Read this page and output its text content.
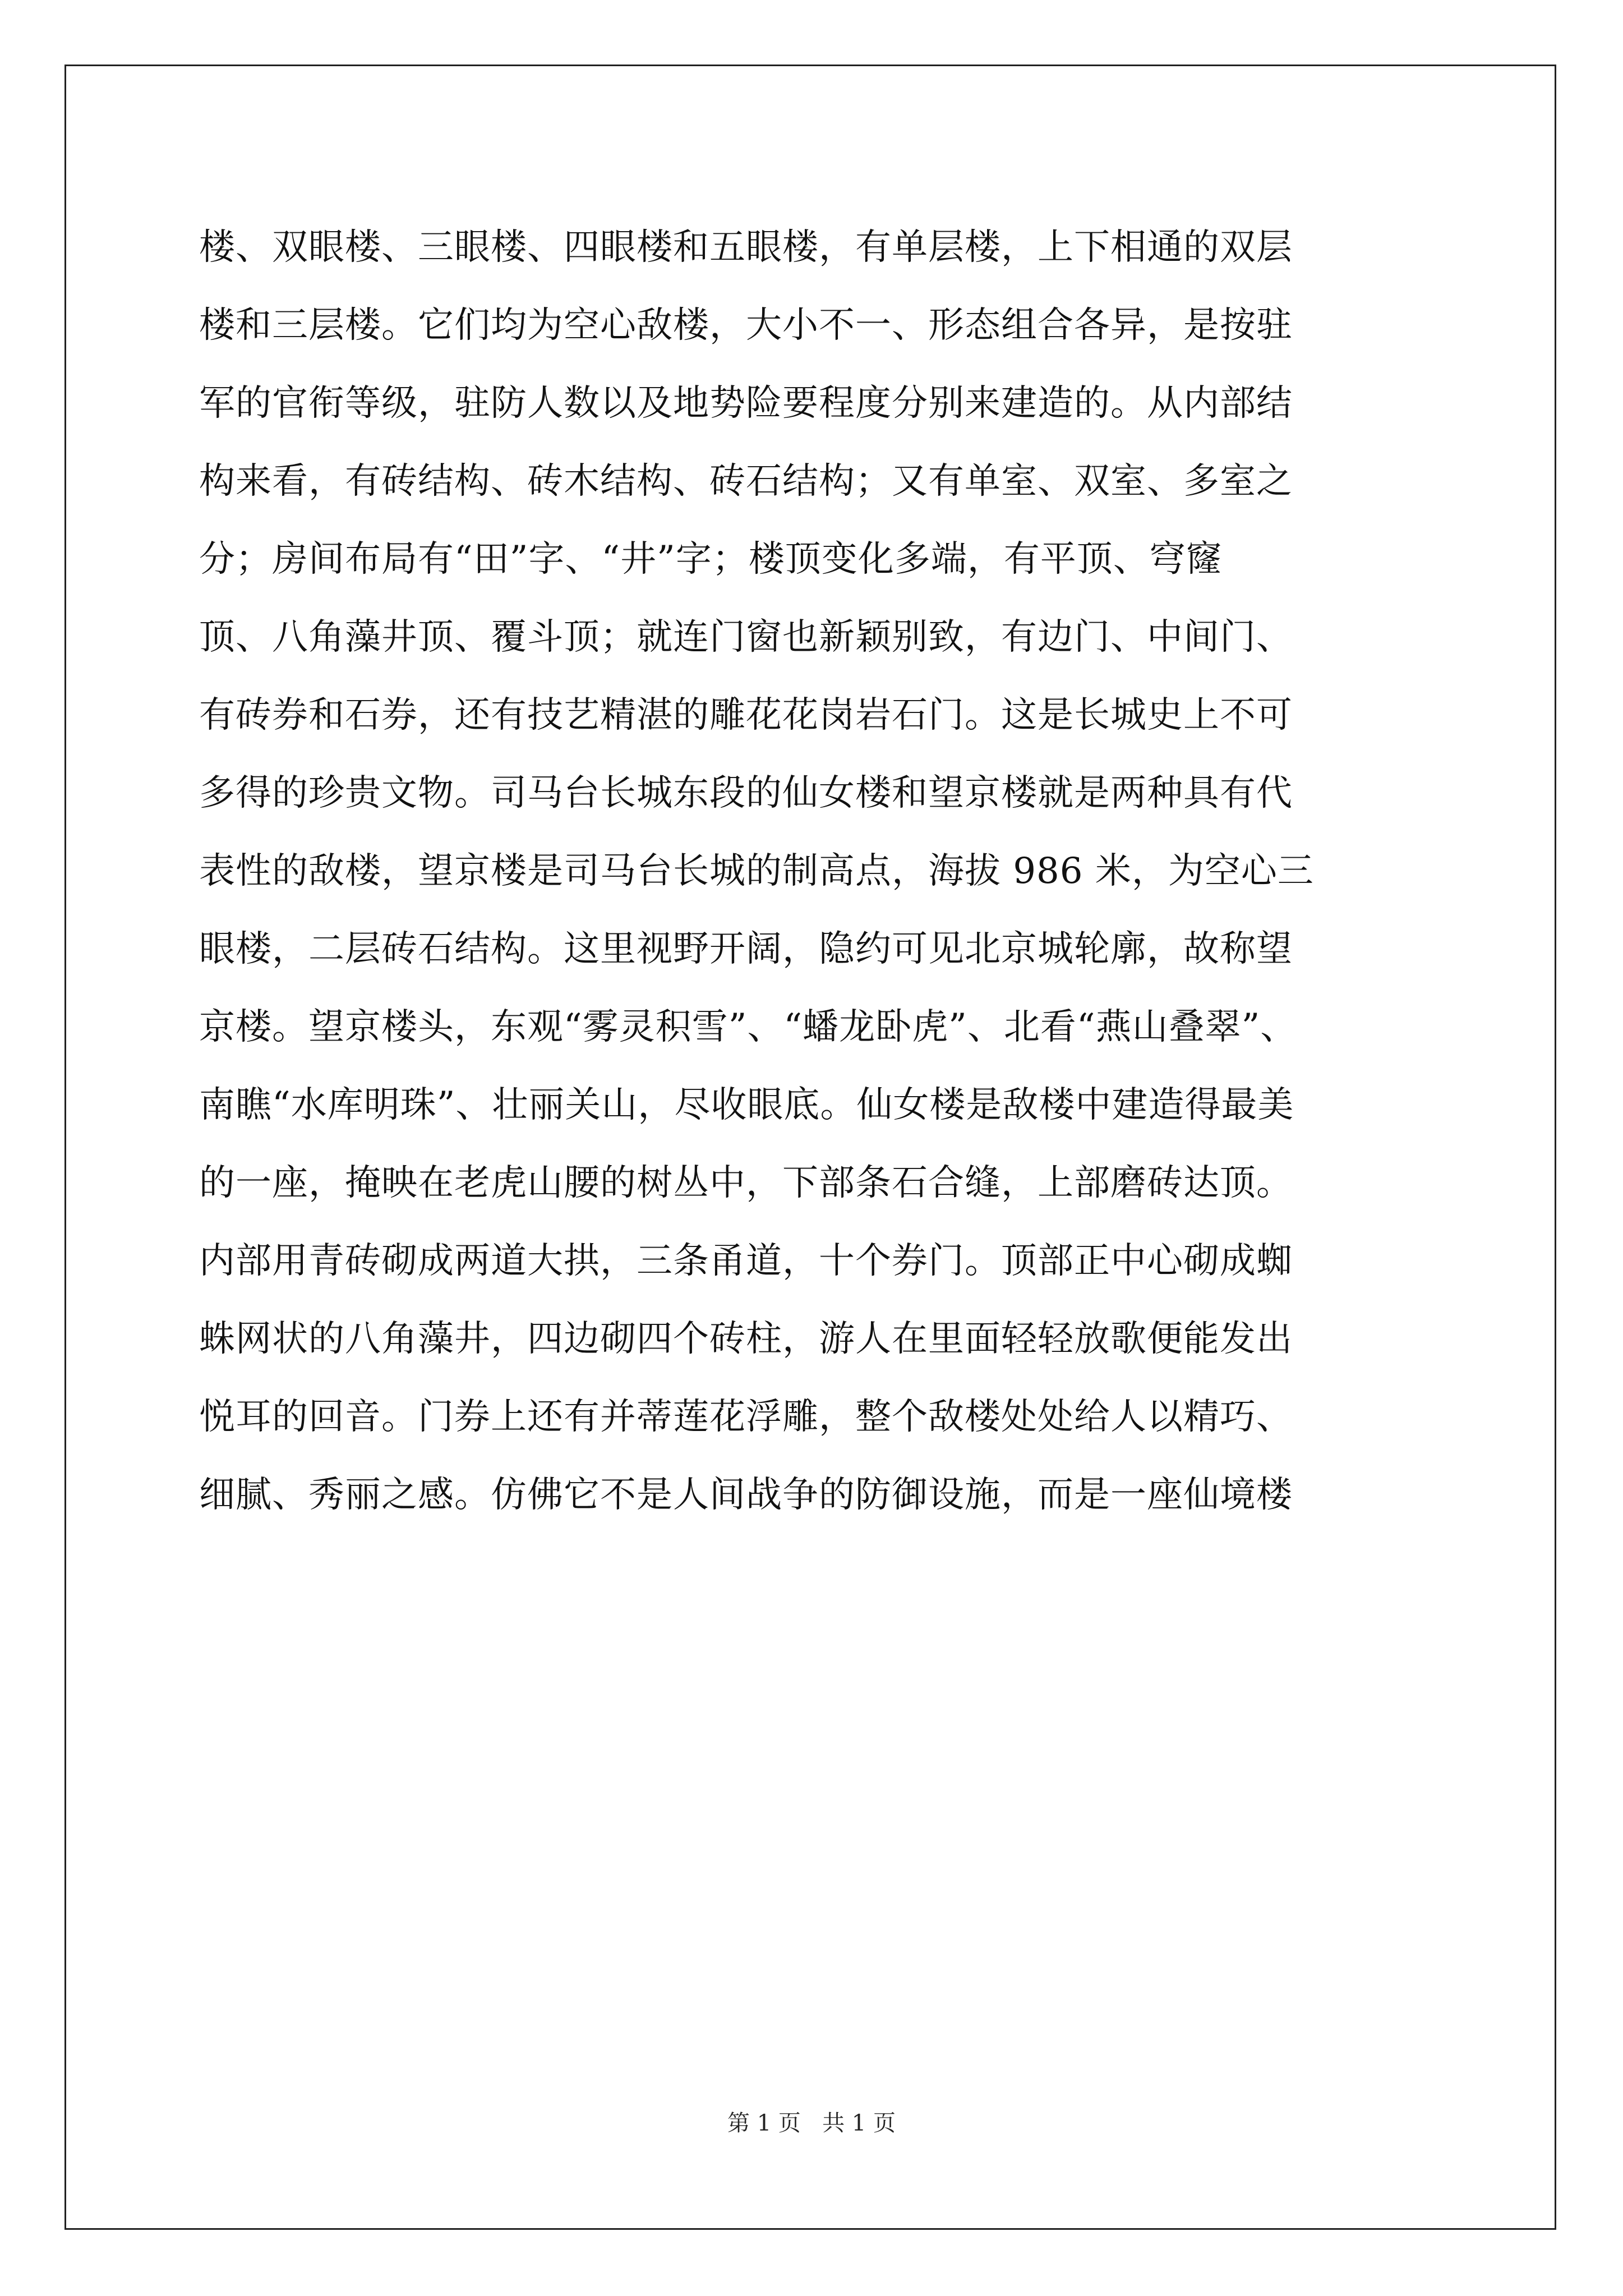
楼、双眼楼、三眼楼、四眼楼和五眼楼，有单层楼，上下相通的双层
楼和三层楼。它们均为空心敌楼，大小不一、形态组合各异，是按驻
军的官衔等级，驻防人数以及地势险要程度分别来建造的。从内部结
构来看，有砖结构、砖木结构、砖石结构；又有单室、双室、多室之
分；房间布局有“田”字、“井”字；楼顶变化多端，有平顶、穹窿
顶、八角藻井顶、覆斗顶；就连门窗也新颖别致，有边门、中间门、
有砖券和石券，还有技艺精湛的雕花花岗岩石门。这是长城史上不可
多得的珍贵文物。司马台长城东段的仙女楼和望京楼就是两种具有代
表性的敌楼，望京楼是司马台长城的制高点，海拔 986 米，为空心三
眼楼，二层砖石结构。这里视野开阔，隐约可见北京城轮廓，故称望
京楼。望京楼头，东观“雾灵积雪”、“蟠龙卧虎”、北看“燕山叠翠”、
南瞧“水库明珠”、壮丽关山，尽收眼底。仙女楼是敌楼中建造得最美
的一座，掩映在老虎山腰的树丛中，下部条石合缝，上部磨砖达顶。
内部用青砖砌成两道大拱，三条甬道，十个券门。顶部正中心砌成蜘
蛛网状的八角藻井，四边砌四个砖柱，游人在里面轻轻放歌便能发出
悦耳的回音。门券上还有并蒂莲花浮雕，整个敌楼处处给人以精巧、
细腻、秀丽之感。仿佛它不是人间战争的防御设施，而是一座仙境楼
第 1 页   共 1 页
